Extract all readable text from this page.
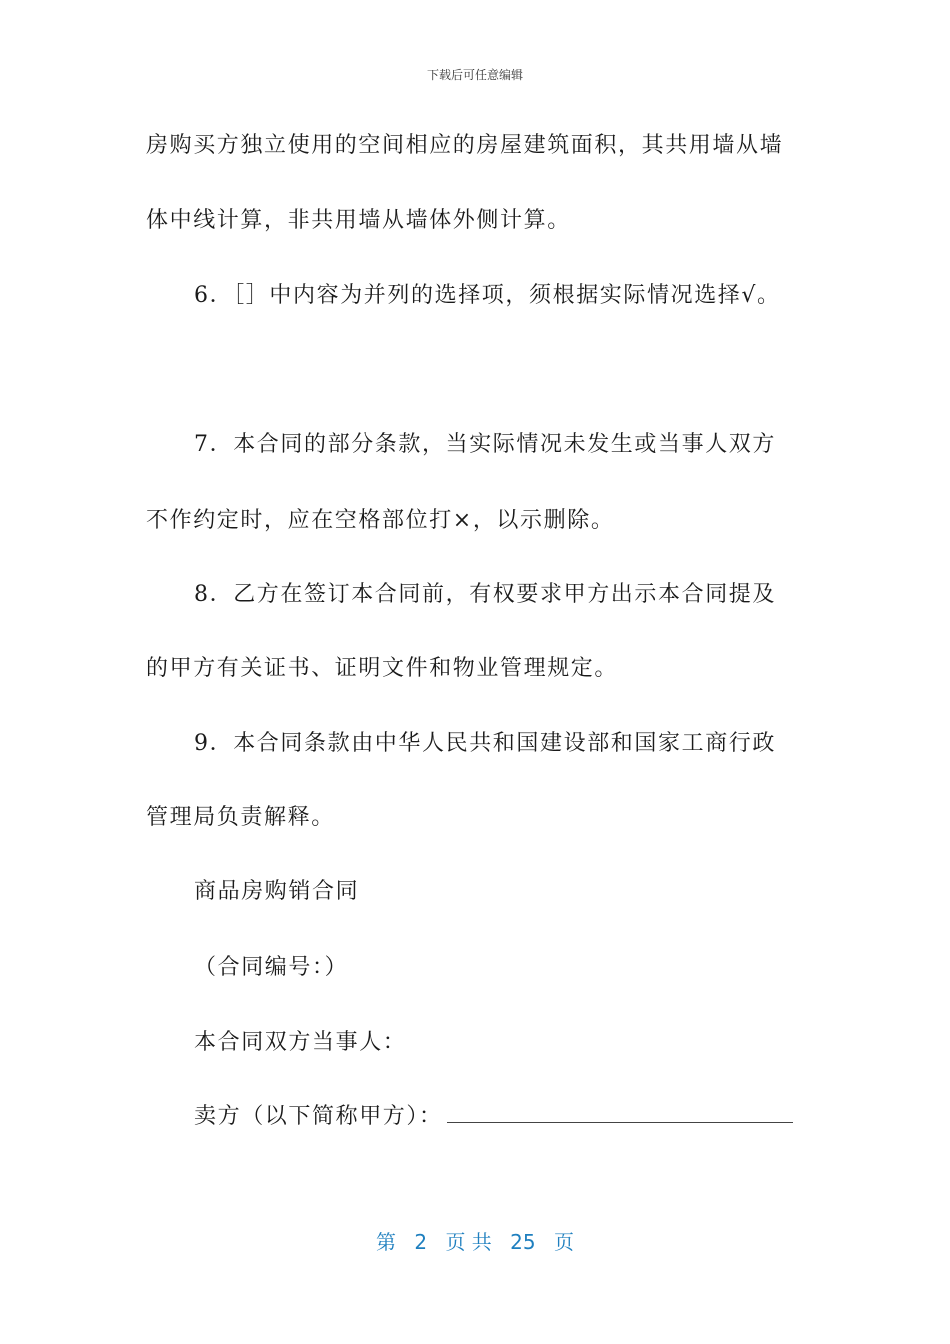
下载后可任意编辑
房购买方独立使用的空间相应的房屋建筑面积，其共用墙从墙
体中线计算，非共用墙从墙体外侧计算。
6．［］中内容为并列的选择项，须根据实际情况选择√。
7．本合同的部分条款，当实际情况未发生或当事人双方
不作约定时，应在空格部位打×，以示删除。
8．乙方在签订本合同前，有权要求甲方出示本合同提及
的甲方有关证书、证明文件和物业管理规定。
9．本合同条款由中华人民共和国建设部和国家工商行政
管理局负责解释。
商品房购销合同
（合同编号：）
本合同双方当事人：
卖方（以下简称甲方）：
第 2 页 共 25 页
